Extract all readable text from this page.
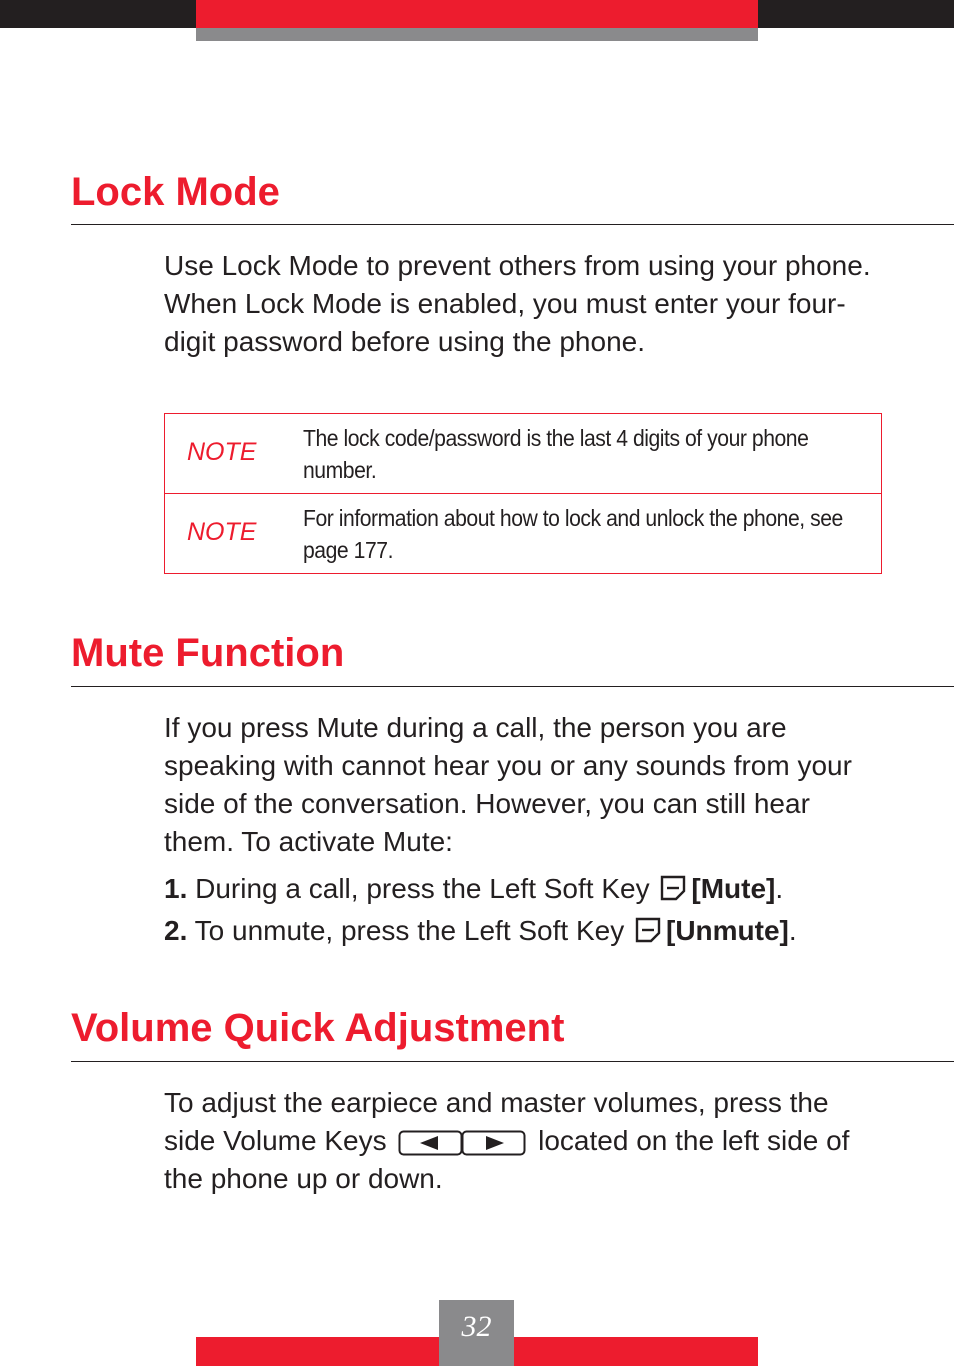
Lock Mode

Use Lock Mode to prevent others from using your phone. When Lock Mode is enabled, you must enter your four-digit password before using the phone.

NOTE The lock code/password is the last 4 digits of your phone number.
NOTE For information about how to lock and unlock the phone, see page 177.
Mute Function

If you press Mute during a call, the person you are speaking with cannot hear you or any sounds from your side of the conversation. However, you can still hear them. To activate Mute:

1. During a call, press the Left Soft Key [Mute].
2. To unmute, press the Left Soft Key [Unmute].
Volume Quick Adjustment

To adjust the earpiece and master volumes, press the side Volume Keys	located on the left side of the phone up or down.

32
